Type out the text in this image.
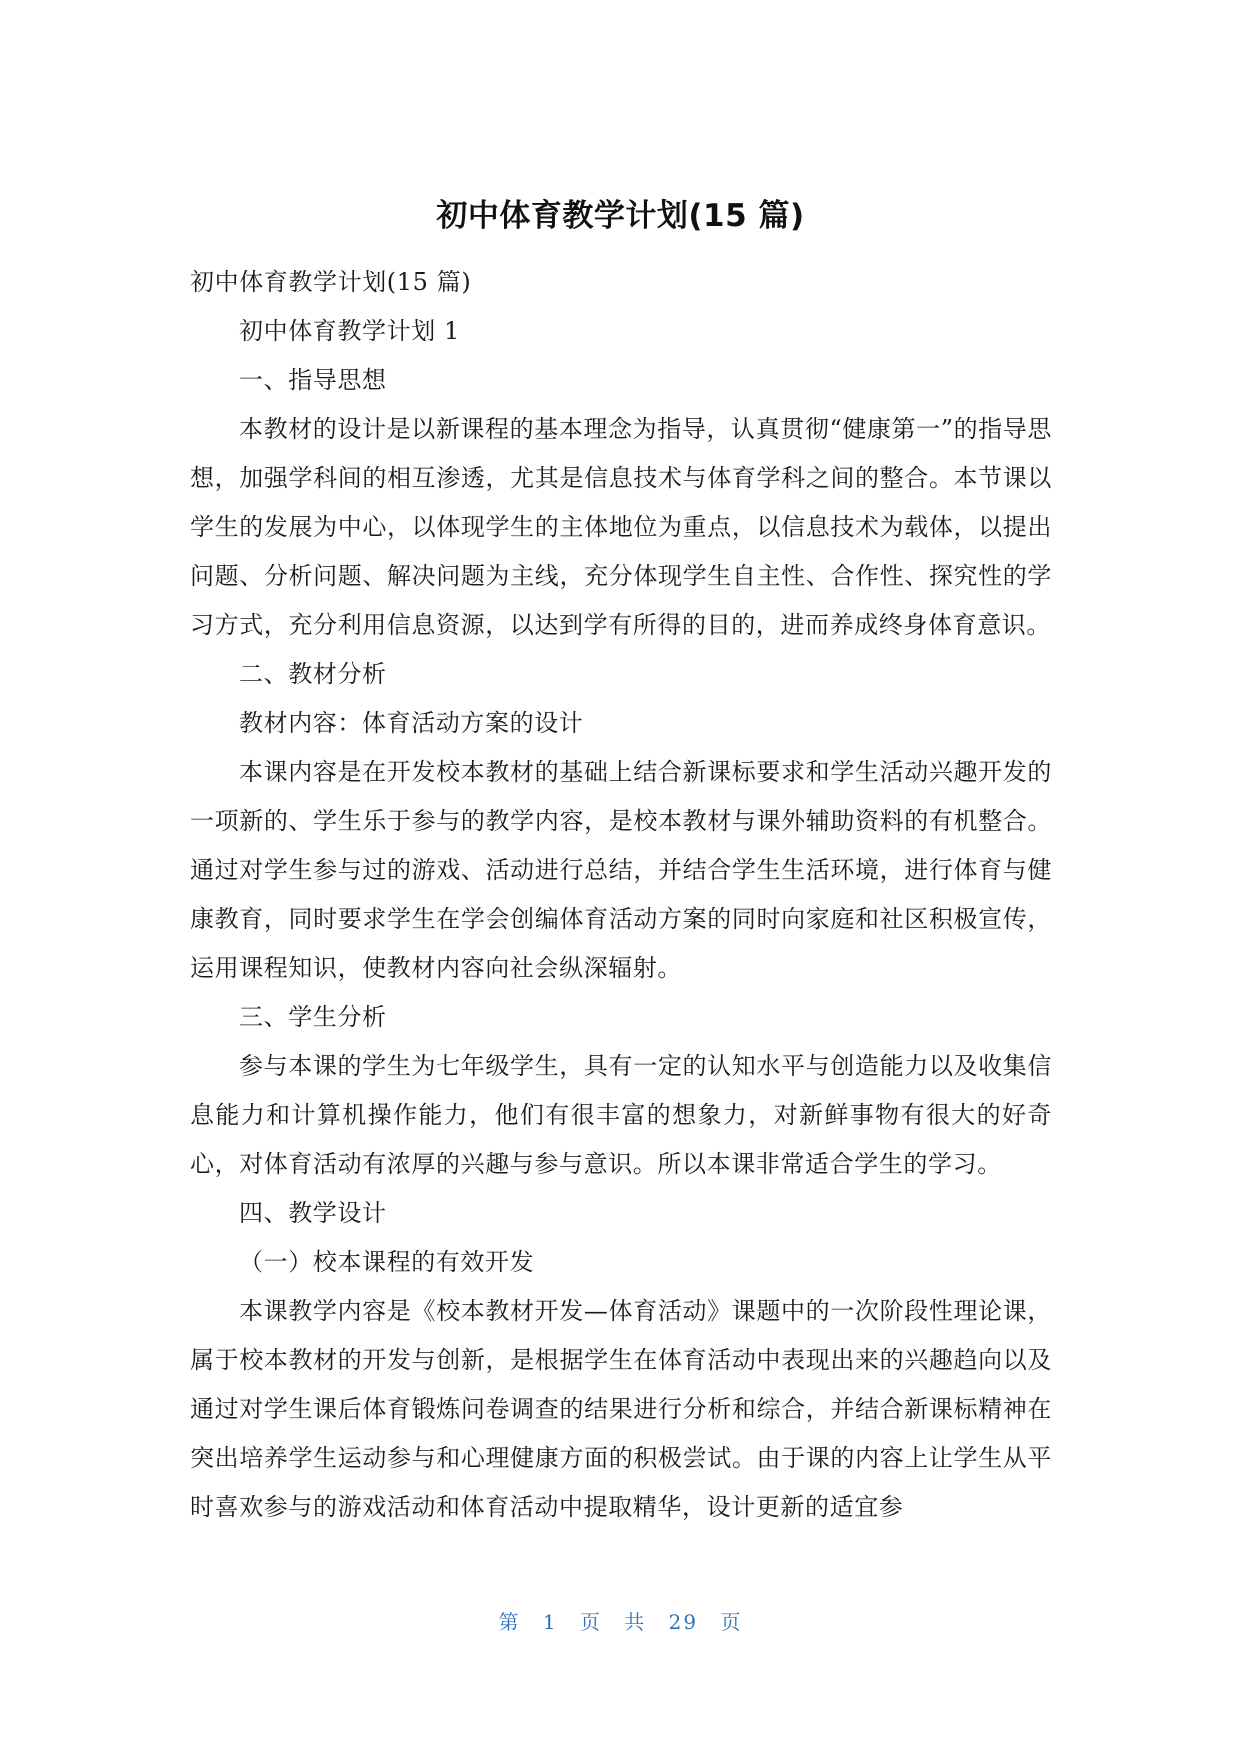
初中体育教学计划(15 篇)

初中体育教学计划(15 篇)

初中体育教学计划 1

一、指导思想

本教材的设计是以新课程的基本理念为指导，认真贯彻“健康第一”的指导思想，加强学科间的相互渗透，尤其是信息技术与体育学科之间的整合。本节课以学生的发展为中心，以体现学生的主体地位为重点，以信息技术为载体，以提出问题、分析问题、解决问题为主线，充分体现学生自主性、合作性、探究性的学习方式，充分利用信息资源，以达到学有所得的目的，进而养成终身体育意识。

二、教材分析

教材内容：体育活动方案的设计

本课内容是在开发校本教材的基础上结合新课标要求和学生活动兴趣开发的一项新的、学生乐于参与的教学内容，是校本教材与课外辅助资料的有机整合。通过对学生参与过的游戏、活动进行总结，并结合学生生活环境，进行体育与健康教育，同时要求学生在学会创编体育活动方案的同时向家庭和社区积极宣传，运用课程知识，使教材内容向社会纵深辐射。

三、学生分析

参与本课的学生为七年级学生，具有一定的认知水平与创造能力以及收集信息能力和计算机操作能力，他们有很丰富的想象力，对新鲜事物有很大的好奇心，对体育活动有浓厚的兴趣与参与意识。所以本课非常适合学生的学习。

四、教学设计

（一）校本课程的有效开发

本课教学内容是《校本教材开发—体育活动》课题中的一次阶段性理论课，属于校本教材的开发与创新，是根据学生在体育活动中表现出来的兴趣趋向以及通过对学生课后体育锻炼问卷调查的结果进行分析和综合，并结合新课标精神在突出培养学生运动参与和心理健康方面的积极尝试。由于课的内容上让学生从平时喜欢参与的游戏活动和体育活动中提取精华，设计更新的适宜参

第 1 页 共 29 页
